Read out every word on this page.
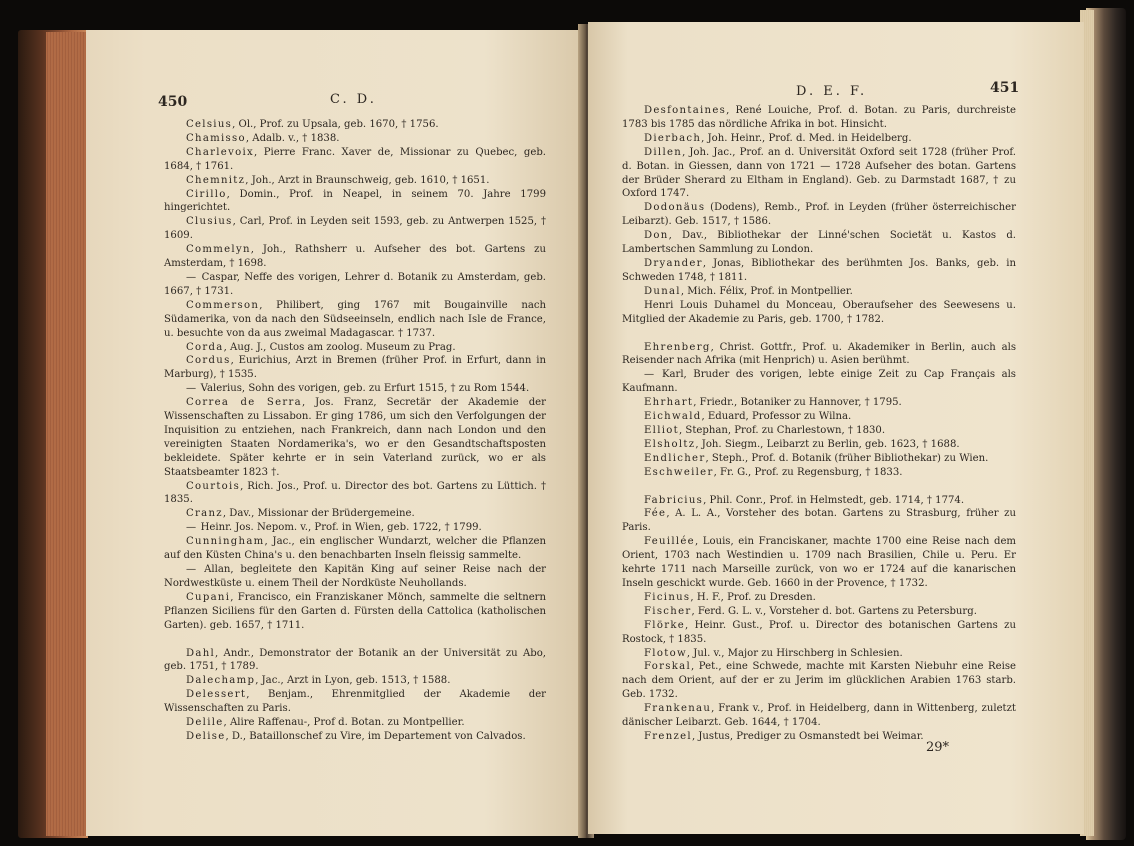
450	C. D.

Celsius, Ol., Prof. zu Upsala, geb. 1670, † 1756.

Chamisso, Adalb. v., † 1838.

Charlevoix, Pierre Franc. Xaver de, Missionar zu Quebec, geb. 1684, † 1761.

Chemnitz, Joh., Arzt in Braunschweig, geb. 1610, † 1651.

Cirillo, Domin., Prof. in Neapel, in seinem 70. Jahre 1799 hingerichtet.

Clusius, Carl, Prof. in Leyden seit 1593, geb. zu Antwerpen 1525, † 1609.

Commelyn, Joh., Rathsherr u. Aufseher des bot. Gartens zu Amsterdam, † 1698.

— Caspar, Neffe des vorigen, Lehrer d. Botanik zu Amsterdam, geb. 1667, † 1731.

Commerson, Philibert, ging 1767 mit Bougainville nach Südamerika, von da nach den Südseeinseln, endlich nach Isle de France, u. besuchte von da aus zweimal Madagascar. † 1737.

Corda, Aug. J., Custos am zoolog. Museum zu Prag.

Cordus, Eurichius, Arzt in Bremen (früher Prof. in Erfurt, dann in Marburg), † 1535.

— Valerius, Sohn des vorigen, geb. zu Erfurt 1515, † zu Rom 1544.

Correa de Serra, Jos. Franz, Secretär der Akademie der Wissenschaften zu Lissabon. Er ging 1786, um sich den Verfolgungen der Inquisition zu entziehen, nach Frankreich, dann nach London und den vereinigten Staaten Nordamerika's, wo er den Gesandtschaftsposten bekleidete. Später kehrte er in sein Vaterland zurück, wo er als Staatsbeamter 1823 †.

Courtois, Rich. Jos., Prof. u. Director des bot. Gartens zu Lüttich. † 1835.

Cranz, Dav., Missionar der Brüdergemeine.

— Heinr. Jos. Nepom. v., Prof. in Wien, geb. 1722, † 1799.

Cunningham, Jac., ein englischer Wundarzt, welcher die Pflanzen auf den Küsten China's u. den benachbarten Inseln fleissig sammelte.

— Allan, begleitete den Kapitän King auf seiner Reise nach der Nordwestküste u. einem Theil der Nordküste Neuhollands.

Cupani, Francisco, ein Franziskaner Mönch, sammelte die seltnern Pflanzen Siciliens für den Garten d. Fürsten della Cattolica (katholischen Garten). geb. 1657, † 1711.

Dahl, Andr., Demonstrator der Botanik an der Universität zu Abo, geb. 1751, † 1789.

Dalechamp, Jac., Arzt in Lyon, geb. 1513, † 1588.

Delessert, Benjam., Ehrenmitglied der Akademie der Wissenschaften zu Paris.

Delile, Alire Raffenau-, Prof d. Botan. zu Montpellier.

Delise, D., Bataillonschef zu Vire, im Departement von Calvados.

D. E. F.	451

Desfontaines, René Louiche, Prof. d. Botan. zu Paris, durchreiste 1783 bis 1785 das nördliche Afrika in bot. Hinsicht.

Dierbach, Joh. Heinr., Prof. d. Med. in Heidelberg.

Dillen, Joh. Jac., Prof. an d. Universität Oxford seit 1728 (früher Prof. d. Botan. in Giessen, dann von 1721 — 1728 Aufseher des botan. Gartens der Brüder Sherard zu Eltham in England). Geb. zu Darmstadt 1687, † zu Oxford 1747.

Dodonäus (Dodens), Remb., Prof. in Leyden (früher österreichischer Leibarzt). Geb. 1517, † 1586.

Don, Dav., Bibliothekar der Linné'schen Societät u. Kastos d. Lambertschen Sammlung zu London.

Dryander, Jonas, Bibliothekar des berühmten Jos. Banks, geb. in Schweden 1748, † 1811.

Dunal, Mich. Félix, Prof. in Montpellier.

Henri Louis Duhamel du Monceau, Oberaufseher des Seewesens u. Mitglied der Akademie zu Paris, geb. 1700, † 1782.

Ehrenberg, Christ. Gottfr., Prof. u. Akademiker in Berlin, auch als Reisender nach Afrika (mit Henprich) u. Asien berühmt.

— Karl, Bruder des vorigen, lebte einige Zeit zu Cap Français als Kaufmann.

Ehrhart, Friedr., Botaniker zu Hannover, † 1795.

Eichwald, Eduard, Professor zu Wilna.

Elliot, Stephan, Prof. zu Charlestown, † 1830.

Elsholtz, Joh. Siegm., Leibarzt zu Berlin, geb. 1623, † 1688.

Endlicher, Steph., Prof. d. Botanik (früher Bibliothekar) zu Wien.

Eschweiler, Fr. G., Prof. zu Regensburg, † 1833.

Fabricius, Phil. Conr., Prof. in Helmstedt, geb. 1714, † 1774.

Fée, A. L. A., Vorsteher des botan. Gartens zu Strasburg, früher zu Paris.

Feuillée, Louis, ein Franciskaner, machte 1700 eine Reise nach dem Orient, 1703 nach Westindien u. 1709 nach Brasilien, Chile u. Peru. Er kehrte 1711 nach Marseille zurück, von wo er 1724 auf die kanarischen Inseln geschickt wurde. Geb. 1660 in der Provence, † 1732.

Ficinus, H. F., Prof. zu Dresden.

Fischer, Ferd. G. L. v., Vorsteher d. bot. Gartens zu Petersburg.

Flörke, Heinr. Gust., Prof. u. Director des botanischen Gartens zu Rostock, † 1835.

Flotow, Jul. v., Major zu Hirschberg in Schlesien.

Forskal, Pet., eine Schwede, machte mit Karsten Niebuhr eine Reise nach dem Orient, auf der er zu Jerim im glücklichen Arabien 1763 starb. Geb. 1732.

Frankenau, Frank v., Prof. in Heidelberg, dann in Wittenberg, zuletzt dänischer Leibarzt. Geb. 1644, † 1704.

Frenzel, Justus, Prediger zu Osmanstedt bei Weimar.

29*
